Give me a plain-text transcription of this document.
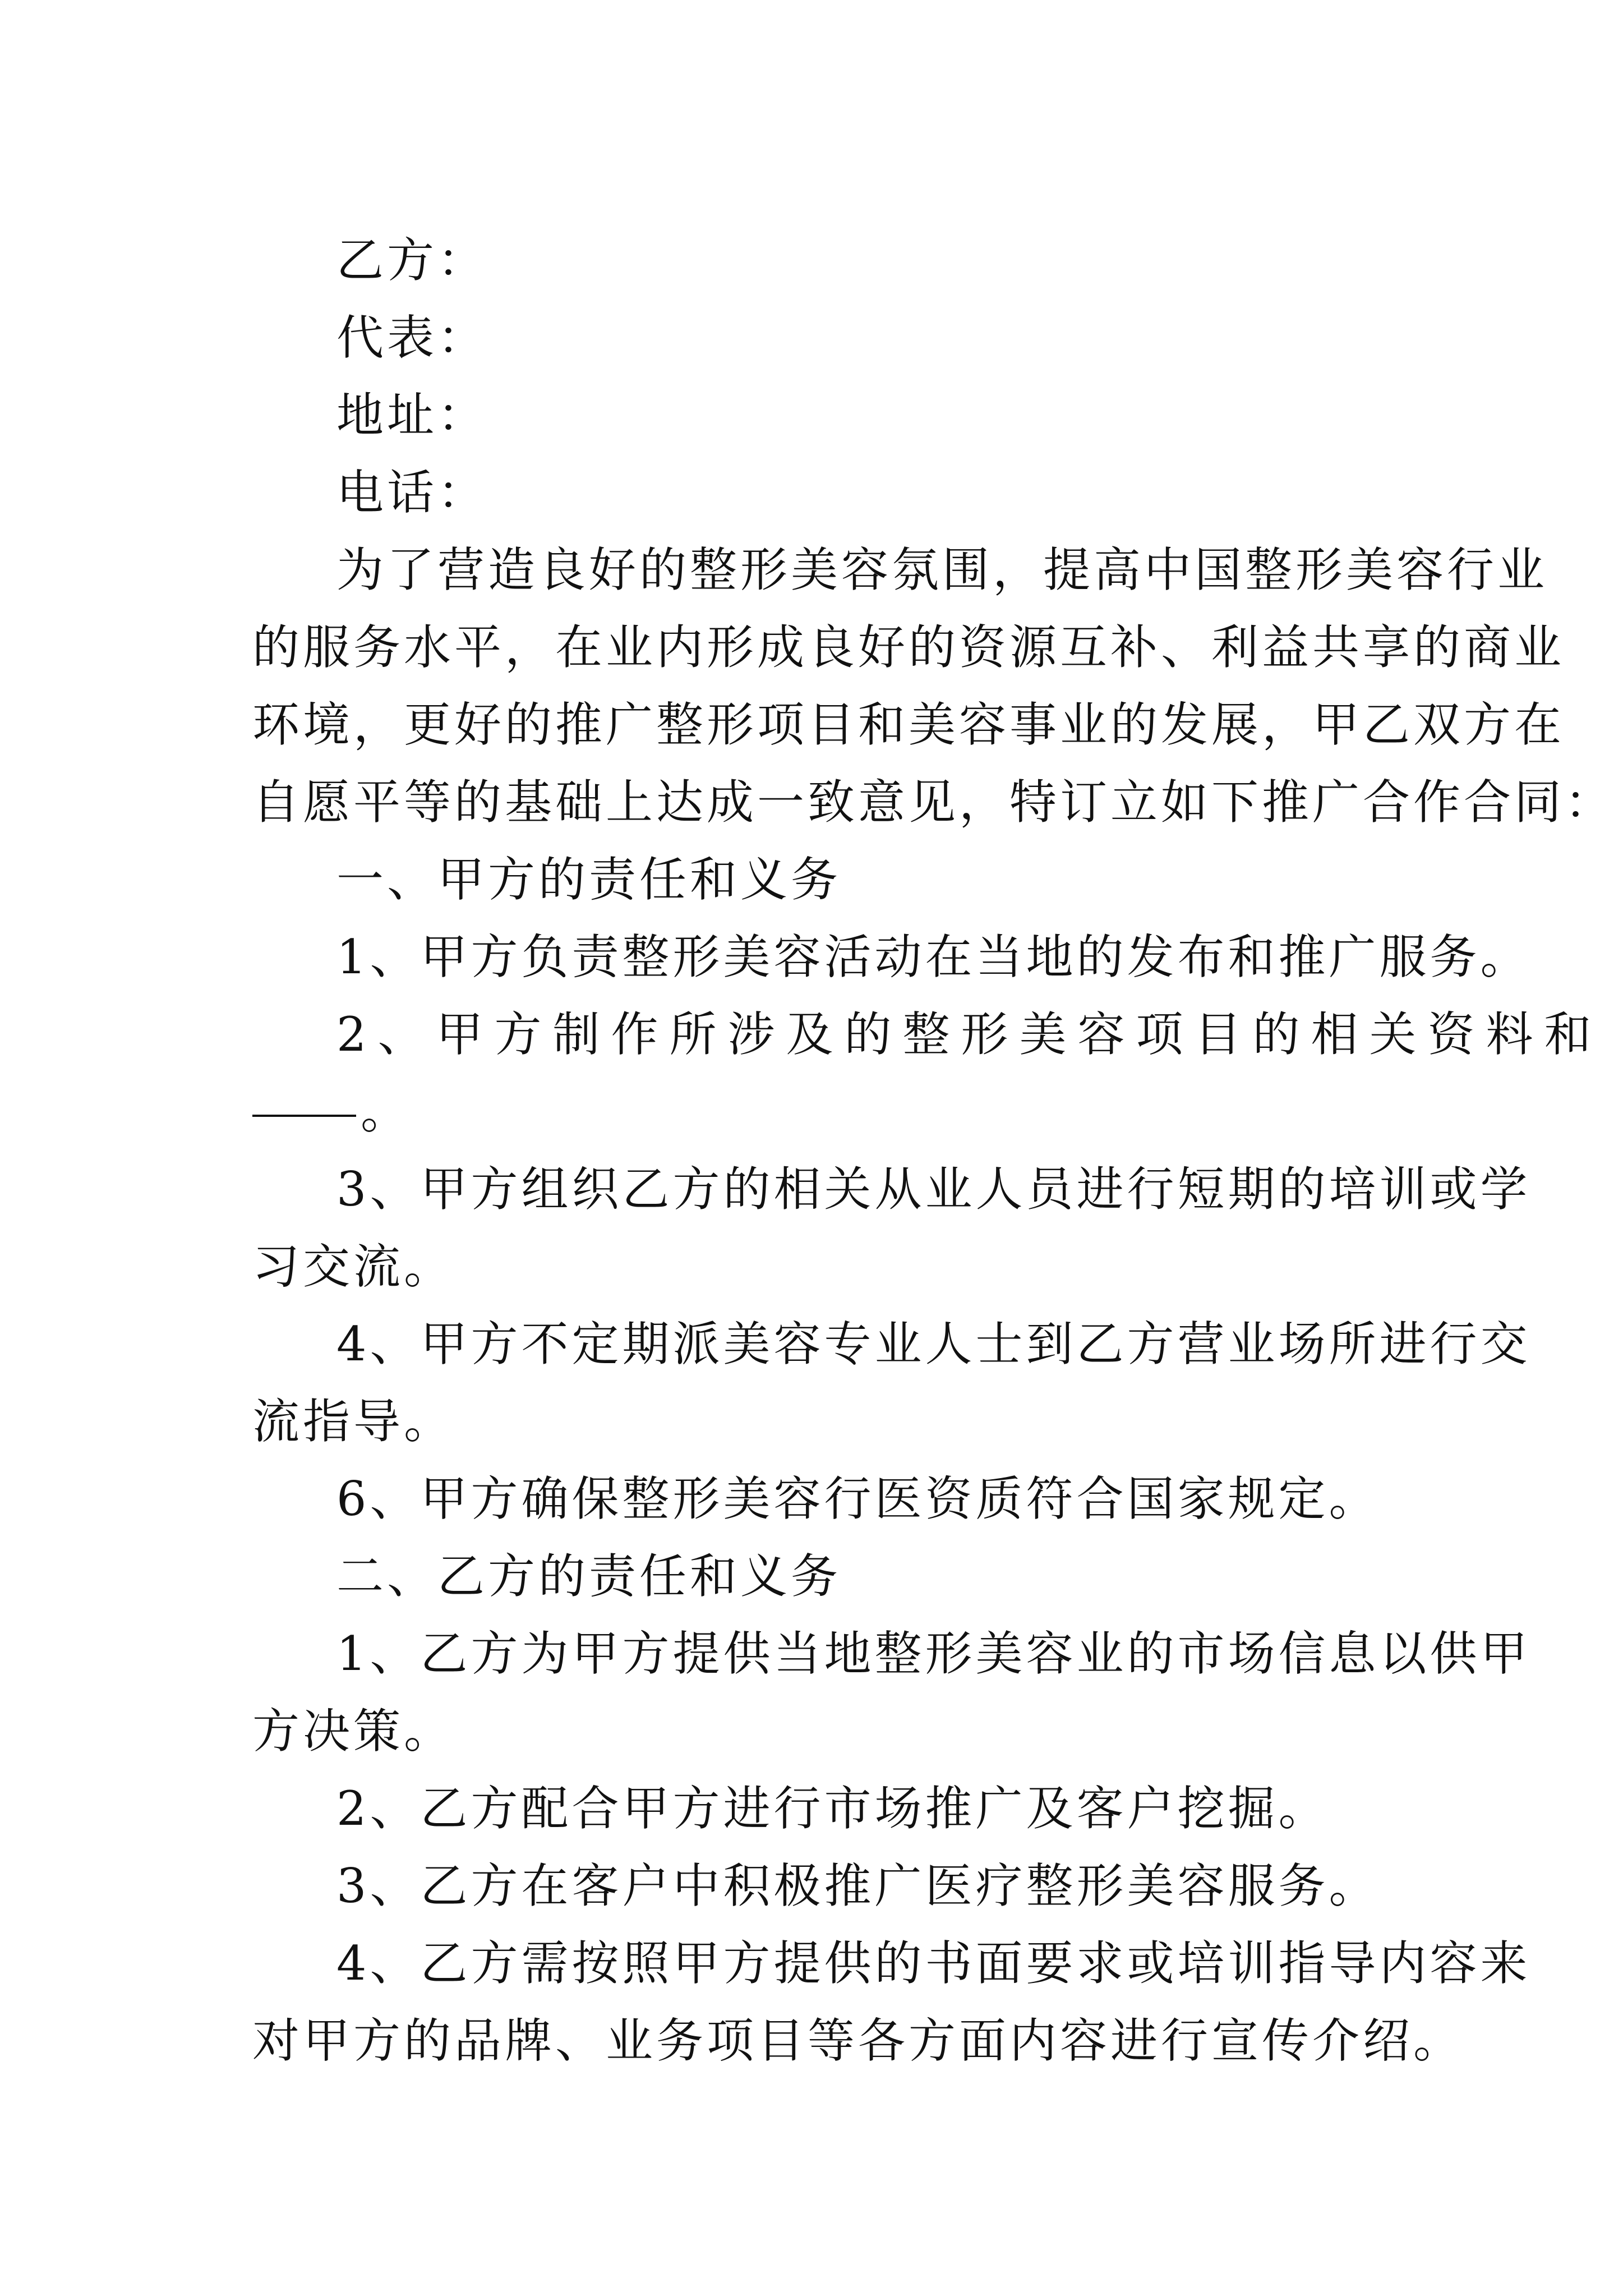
乙方：
代表：
地址：
电话：
为了营造良好的整形美容氛围，提高中国整形美容行业
的服务水平，在业内形成良好的资源互补、利益共享的商业
环境，更好的推广整形项目和美容事业的发展，甲乙双方在
自愿平等的基础上达成一致意见，特订立如下推广合作合同：
一、甲方的责任和义务
1、甲方负责整形美容活动在当地的发布和推广服务。
2、甲方制作所涉及的整形美容项目的相关资料和
。
3、甲方组织乙方的相关从业人员进行短期的培训或学
习交流。
4、甲方不定期派美容专业人士到乙方营业场所进行交
流指导。
6、甲方确保整形美容行医资质符合国家规定。
二、乙方的责任和义务
1、乙方为甲方提供当地整形美容业的市场信息以供甲
方决策。
2、乙方配合甲方进行市场推广及客户挖掘。
3、乙方在客户中积极推广医疗整形美容服务。
4、乙方需按照甲方提供的书面要求或培训指导内容来
对甲方的品牌、业务项目等各方面内容进行宣传介绍。
